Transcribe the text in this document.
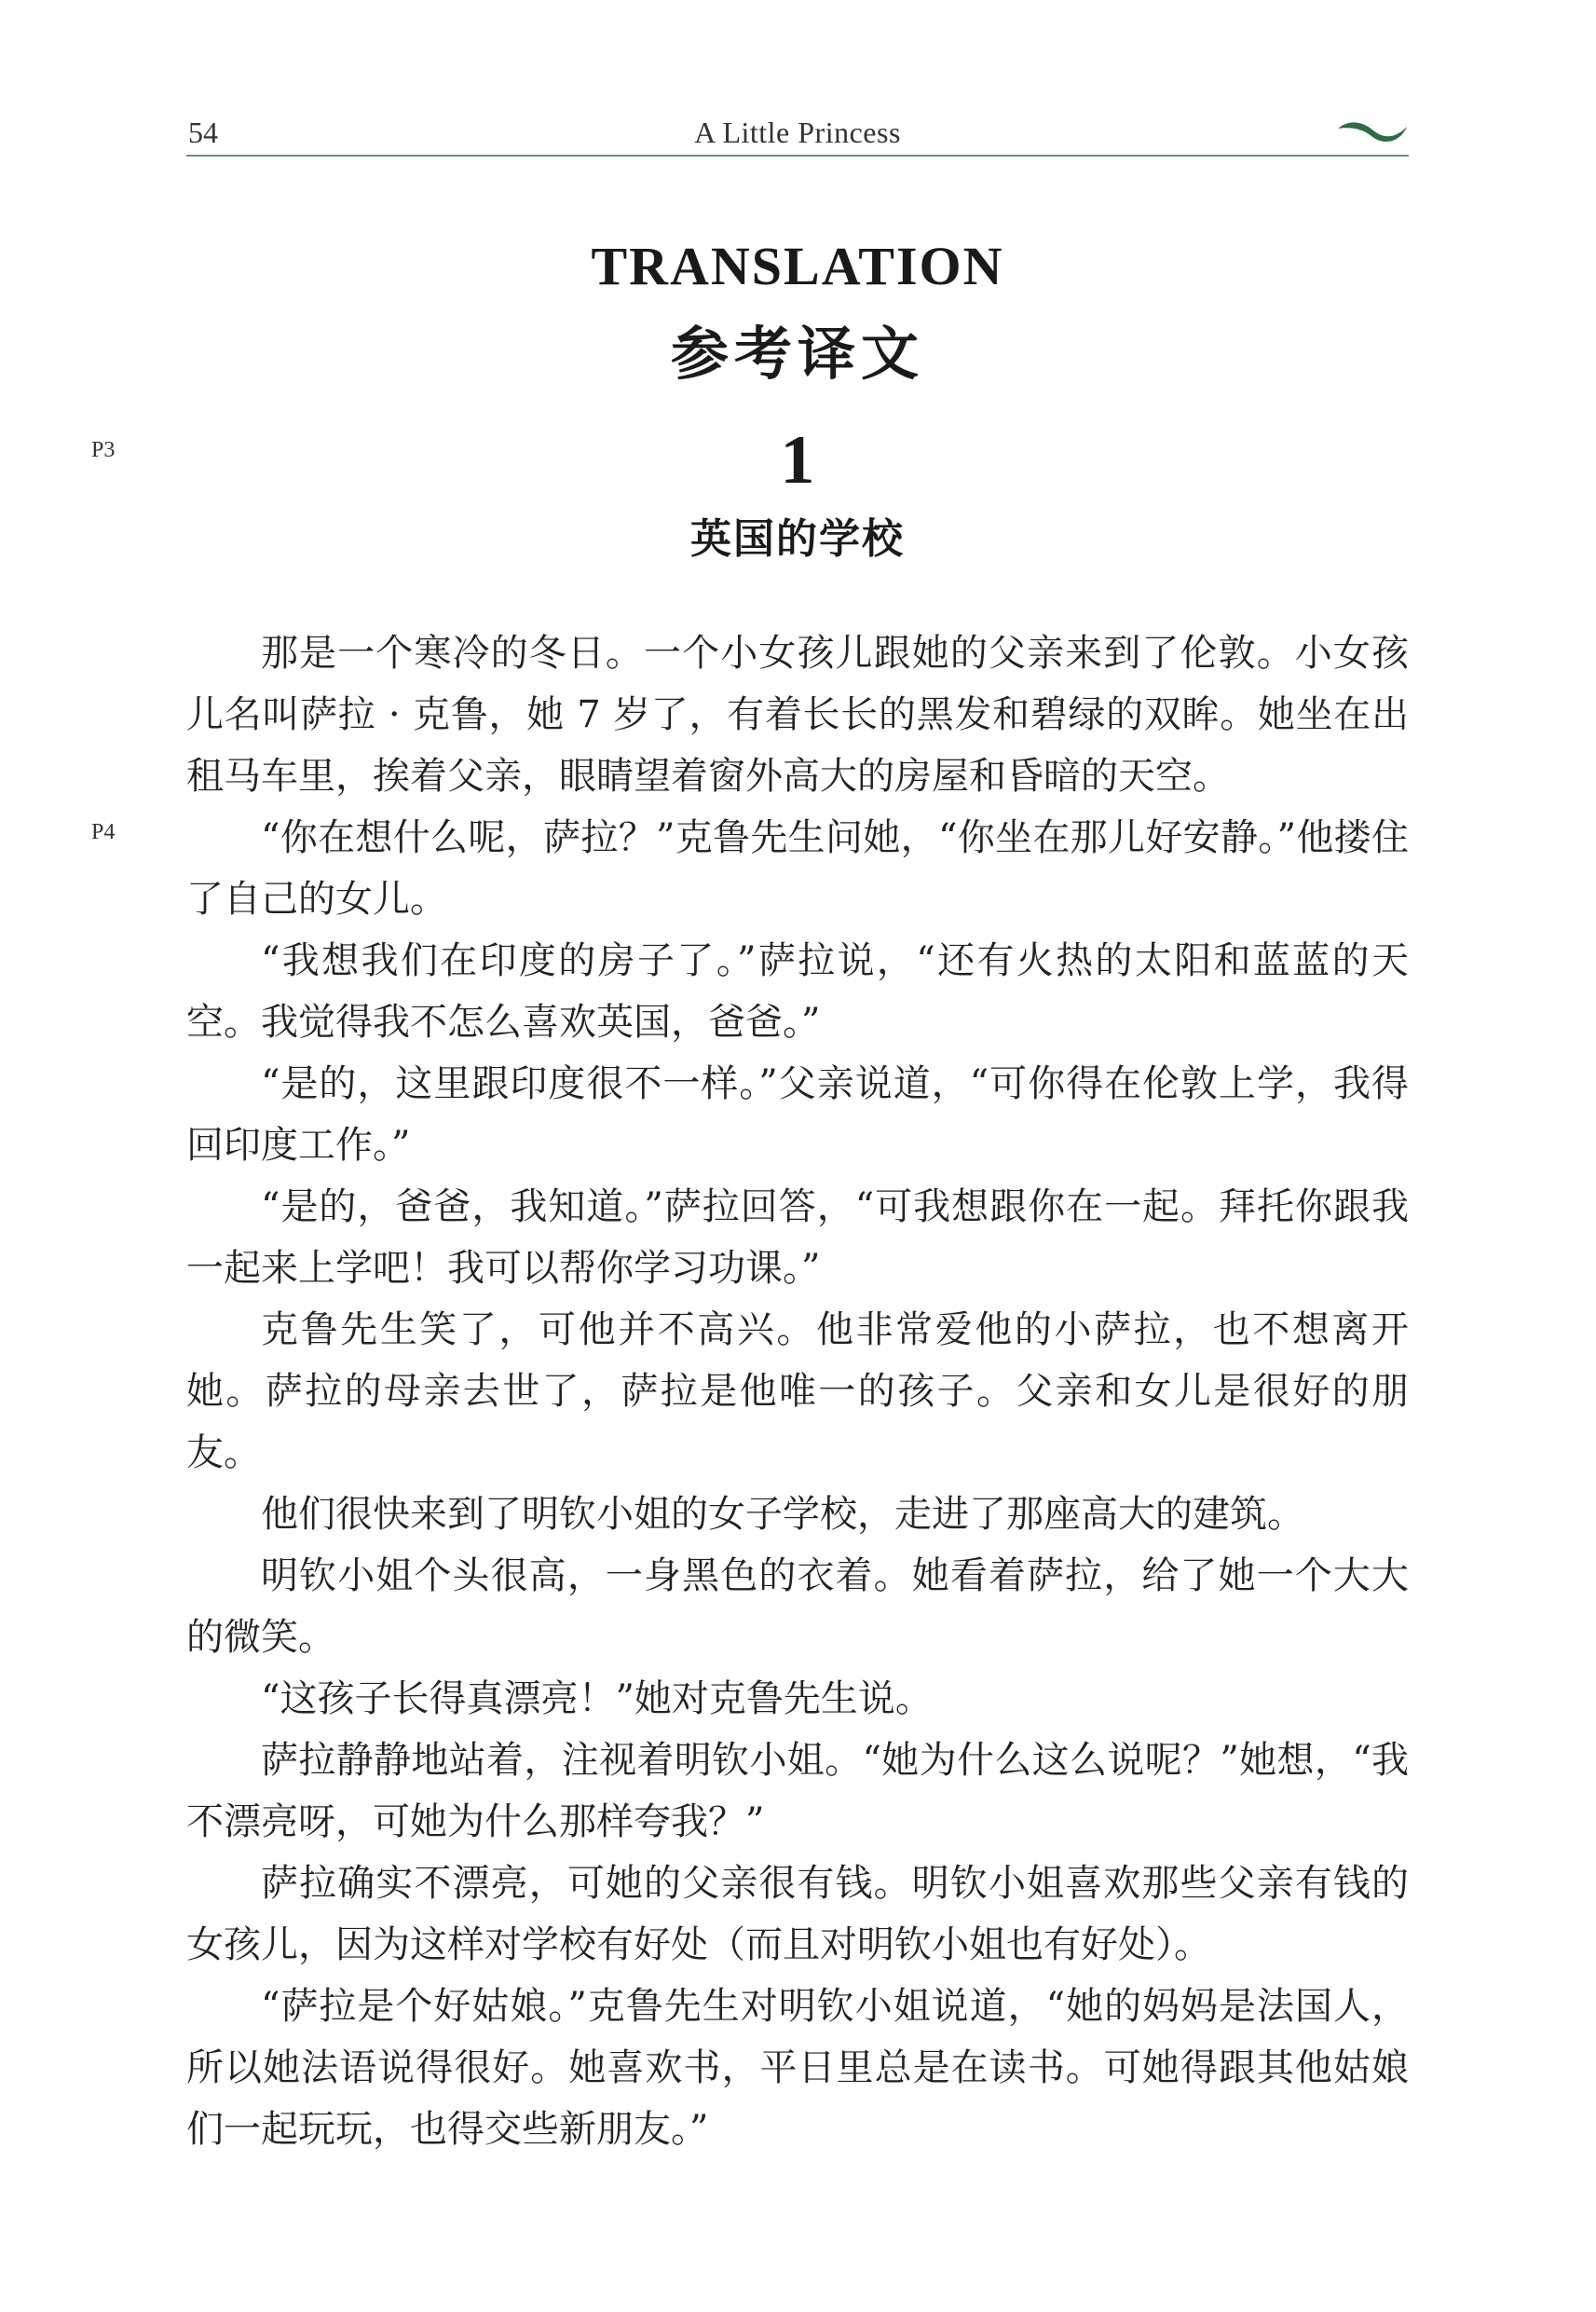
54	A Little Princess
TRANSLATION
参考译文
P3	1
英国的学校
P4

那是一个寒冷的冬日。一个小女孩儿跟她的父亲来到了伦敦。小女孩儿名叫萨拉 · 克鲁，她 7 岁了，有着长长的黑发和碧绿的双眸。她坐在出租马车里，挨着父亲，眼睛望着窗外高大的房屋和昏暗的天空。

“你在想什么呢，萨拉？”克鲁先生问她，“你坐在那儿好安静。”他搂住了自己的女儿。

“我想我们在印度的房子了。”萨拉说，“还有火热的太阳和蓝蓝的天空。我觉得我不怎么喜欢英国，爸爸。”

“是的，这里跟印度很不一样。”父亲说道，“可你得在伦敦上学，我得回印度工作。”

“是的，爸爸，我知道。”萨拉回答，“可我想跟你在一起。拜托你跟我一起来上学吧！我可以帮你学习功课。”

克鲁先生笑了，可他并不高兴。他非常爱他的小萨拉，也不想离开她。萨拉的母亲去世了，萨拉是他唯一的孩子。父亲和女儿是很好的朋友。

他们很快来到了明钦小姐的女子学校，走进了那座高大的建筑。

明钦小姐个头很高，一身黑色的衣着。她看着萨拉，给了她一个大大的微笑。

“这孩子长得真漂亮！”她对克鲁先生说。

萨拉静静地站着，注视着明钦小姐。“她为什么这么说呢？”她想，“我不漂亮呀，可她为什么那样夸我？”

萨拉确实不漂亮，可她的父亲很有钱。明钦小姐喜欢那些父亲有钱的女孩儿，因为这样对学校有好处（而且对明钦小姐也有好处）。

“萨拉是个好姑娘。”克鲁先生对明钦小姐说道，“她的妈妈是法国人，所以她法语说得很好。她喜欢书，平日里总是在读书。可她得跟其他姑娘们一起玩玩，也得交些新朋友。”
